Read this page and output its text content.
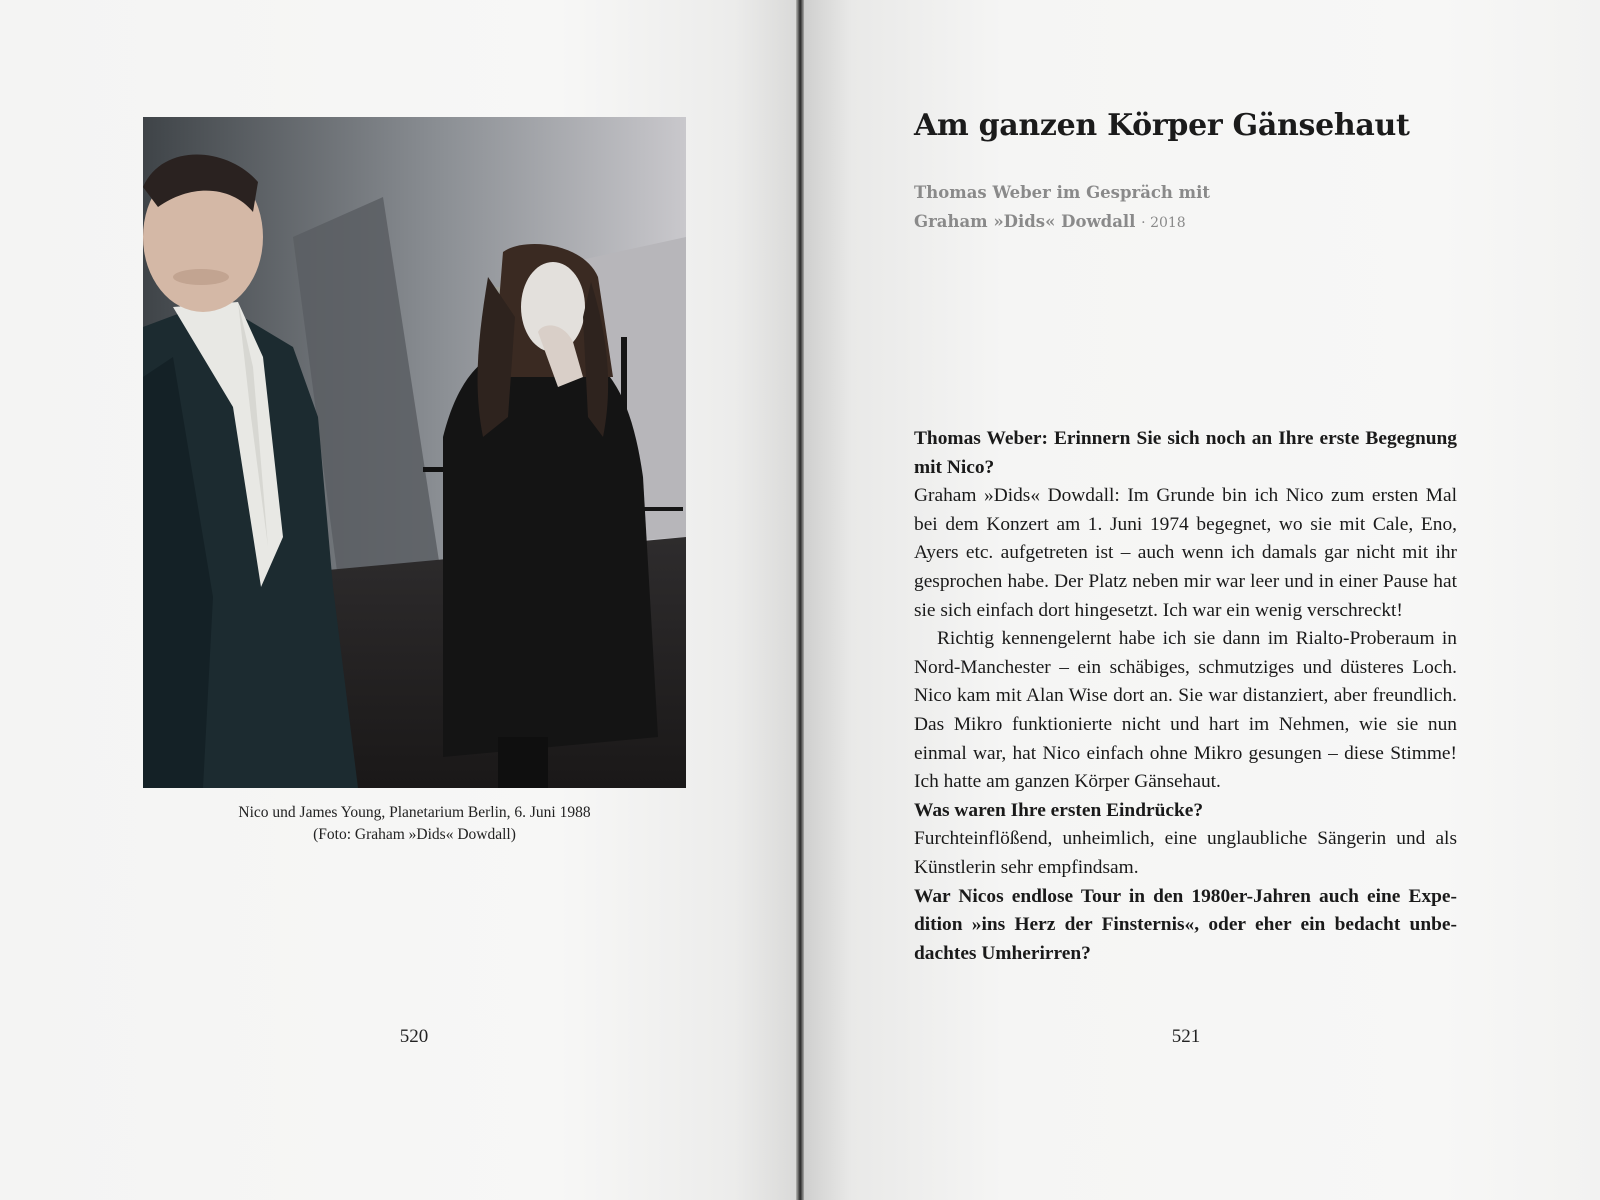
Nico und James Young, Planetarium Berlin, 6. Juni 1988
(Foto: Graham »Dids« Dowdall)
520
Am ganzen Körper Gänsehaut
Thomas Weber im Gespräch mit
Graham »Dids« Dowdall · 2018

Thomas Weber: Erinnern Sie sich noch an Ihre erste Begegnung mit Nico?

Graham »Dids« Dowdall: Im Grunde bin ich Nico zum ersten Mal bei dem Konzert am 1. Juni 1974 begegnet, wo sie mit Cale, Eno, Ayers etc. aufgetreten ist – auch wenn ich damals gar nicht mit ihr gesprochen habe. Der Platz neben mir war leer und in einer Pause hat sie sich einfach dort hingesetzt. Ich war ein wenig verschreckt!

Richtig kennengelernt habe ich sie dann im Rialto-Proberaum in Nord-Manchester – ein schäbiges, schmutziges und düsteres Loch. Nico kam mit Alan Wise dort an. Sie war distanziert, aber freundlich. Das Mikro funktionierte nicht und hart im Nehmen, wie sie nun einmal war, hat Nico einfach ohne Mikro gesungen – diese Stimme! Ich hatte am ganzen Körper Gänsehaut.

Was waren Ihre ersten Eindrücke?

Furchteinflößend, unheimlich, eine unglaubliche Sängerin und als Künstlerin sehr empfindsam.

War Nicos endlose Tour in den 1980er-Jahren auch eine Expedition »ins Herz der Finsternis«, oder eher ein bedacht unbedachtes Umherirren?

521
